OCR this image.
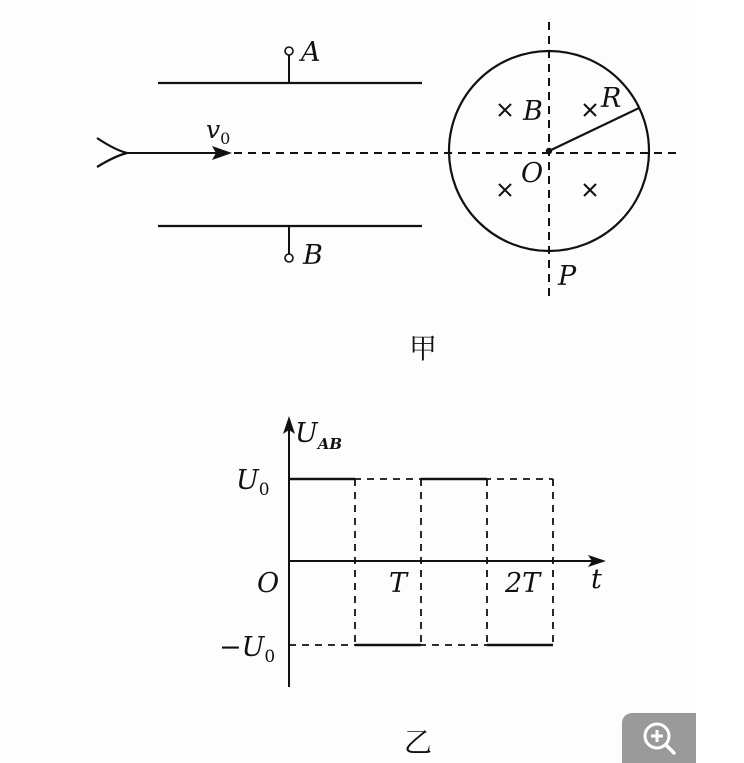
A
B
$v_0$
B R
O
P
甲
$U_{AB}$
$U_0$
O
$-U_0$
T	2T t
乙
